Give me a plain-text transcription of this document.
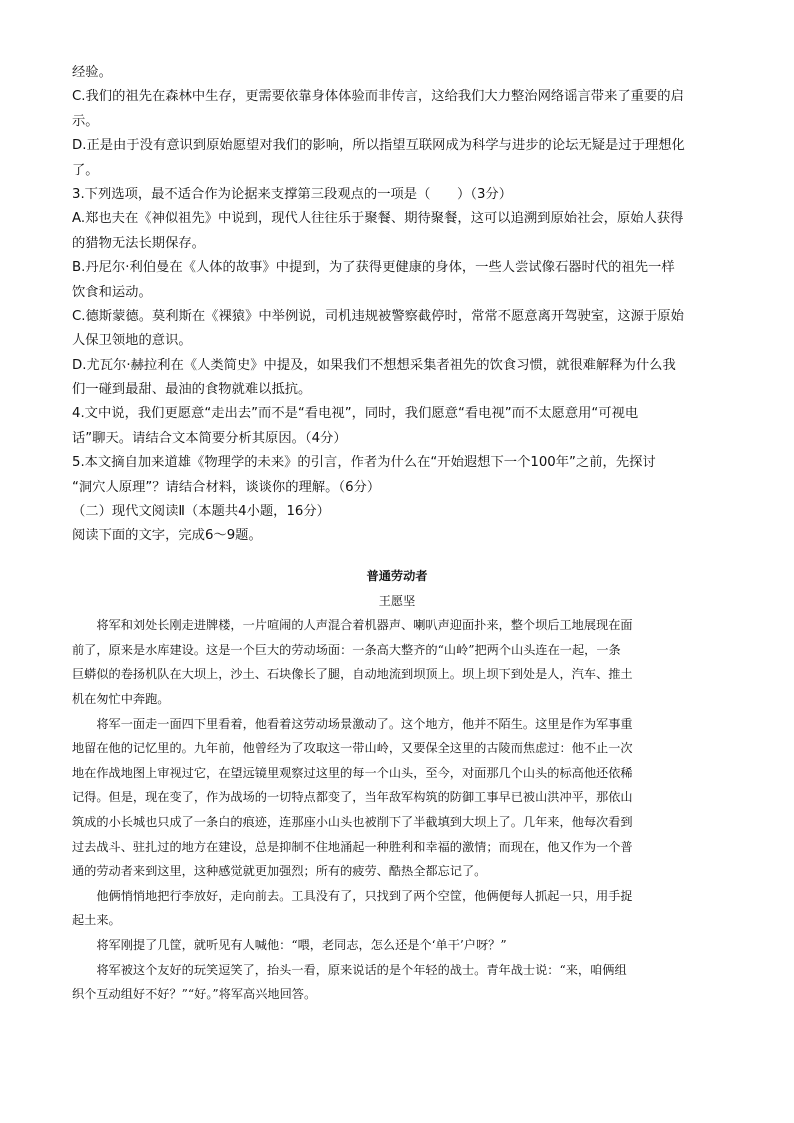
经验。
C.我们的祖先在森林中生存，更需要依靠身体体验而非传言，这给我们大力整治网络谣言带来了重要的启
示。
D.正是由于没有意识到原始愿望对我们的影响，所以指望互联网成为科学与进步的论坛无疑是过于理想化
了。
3.下列选项，最不适合作为论据来支撑第三段观点的一项是（　　）（3分）
A.郑也夫在《神似祖先》中说到，现代人往往乐于聚餐、期待聚餐，这可以追溯到原始社会，原始人获得
的猎物无法长期保存。
B.丹尼尔·利伯曼在《人体的故事》中提到，为了获得更健康的身体，一些人尝试像石器时代的祖先一样
饮食和运动。
C.德斯蒙德。莫利斯在《裸猿》中举例说，司机违规被警察截停时，常常不愿意离开驾驶室，这源于原始
人保卫领地的意识。
D.尤瓦尔·赫拉利在《人类简史》中提及，如果我们不想想采集者祖先的饮食习惯，就很难解释为什么我
们一碰到最甜、最油的食物就难以抵抗。
4.文中说，我们更愿意“走出去”而不是“看电视”，同时，我们愿意“看电视”而不太愿意用“可视电
话”聊天。请结合文本简要分析其原因。（4分）
5.本文摘自加来道雄《物理学的未来》的引言，作者为什么在“开始遐想下一个100年”之前，先探讨
“洞穴人原理”？请结合材料，谈谈你的理解。（6分）
（二）现代文阅读Ⅱ（本题共4小题，16分）
阅读下面的文字，完成6～9题。
普通劳动者
王愿坚
　　将军和刘处长刚走进牌楼，一片喧闹的人声混合着机器声、喇叭声迎面扑来，整个坝后工地展现在面
前了，原来是水库建设。这是一个巨大的劳动场面：一条高大整齐的“山岭”把两个山头连在一起，一条
巨蟒似的卷扬机队在大坝上，沙土、石块像长了腿，自动地流到坝顶上。坝上坝下到处是人，汽车、推土
机在匆忙中奔跑。
　　将军一面走一面四下里看着，他看着这劳动场景激动了。这个地方，他并不陌生。这里是作为军事重
地留在他的记忆里的。九年前，他曾经为了攻取这一带山岭，又要保全这里的古陵而焦虑过：他不止一次
地在作战地图上审视过它，在望远镜里观察过这里的每一个山头，至今，对面那几个山头的标高他还依稀
记得。但是，现在变了，作为战场的一切特点都变了，当年敌军构筑的防御工事早已被山洪冲平，那依山
筑成的小长城也只成了一条白的痕迹，连那座小山头也被削下了半截填到大坝上了。几年来，他每次看到
过去战斗、驻扎过的地方在建设，总是抑制不住地涌起一种胜利和幸福的激情；而现在，他又作为一个普
通的劳动者来到这里，这种感觉就更加强烈；所有的疲劳、酷热全都忘记了。
　　他俩悄悄地把行李放好，走向前去。工具没有了，只找到了两个空筐，他俩便每人抓起一只，用手捉
起土来。
　　将军刚提了几筐，就听见有人喊他：“喂，老同志，怎么还是个‘单干’户呀？”
　　将军被这个友好的玩笑逗笑了，抬头一看，原来说话的是个年轻的战士。青年战士说：“来，咱俩组
织个互动组好不好？”“好。”将军高兴地回答。
